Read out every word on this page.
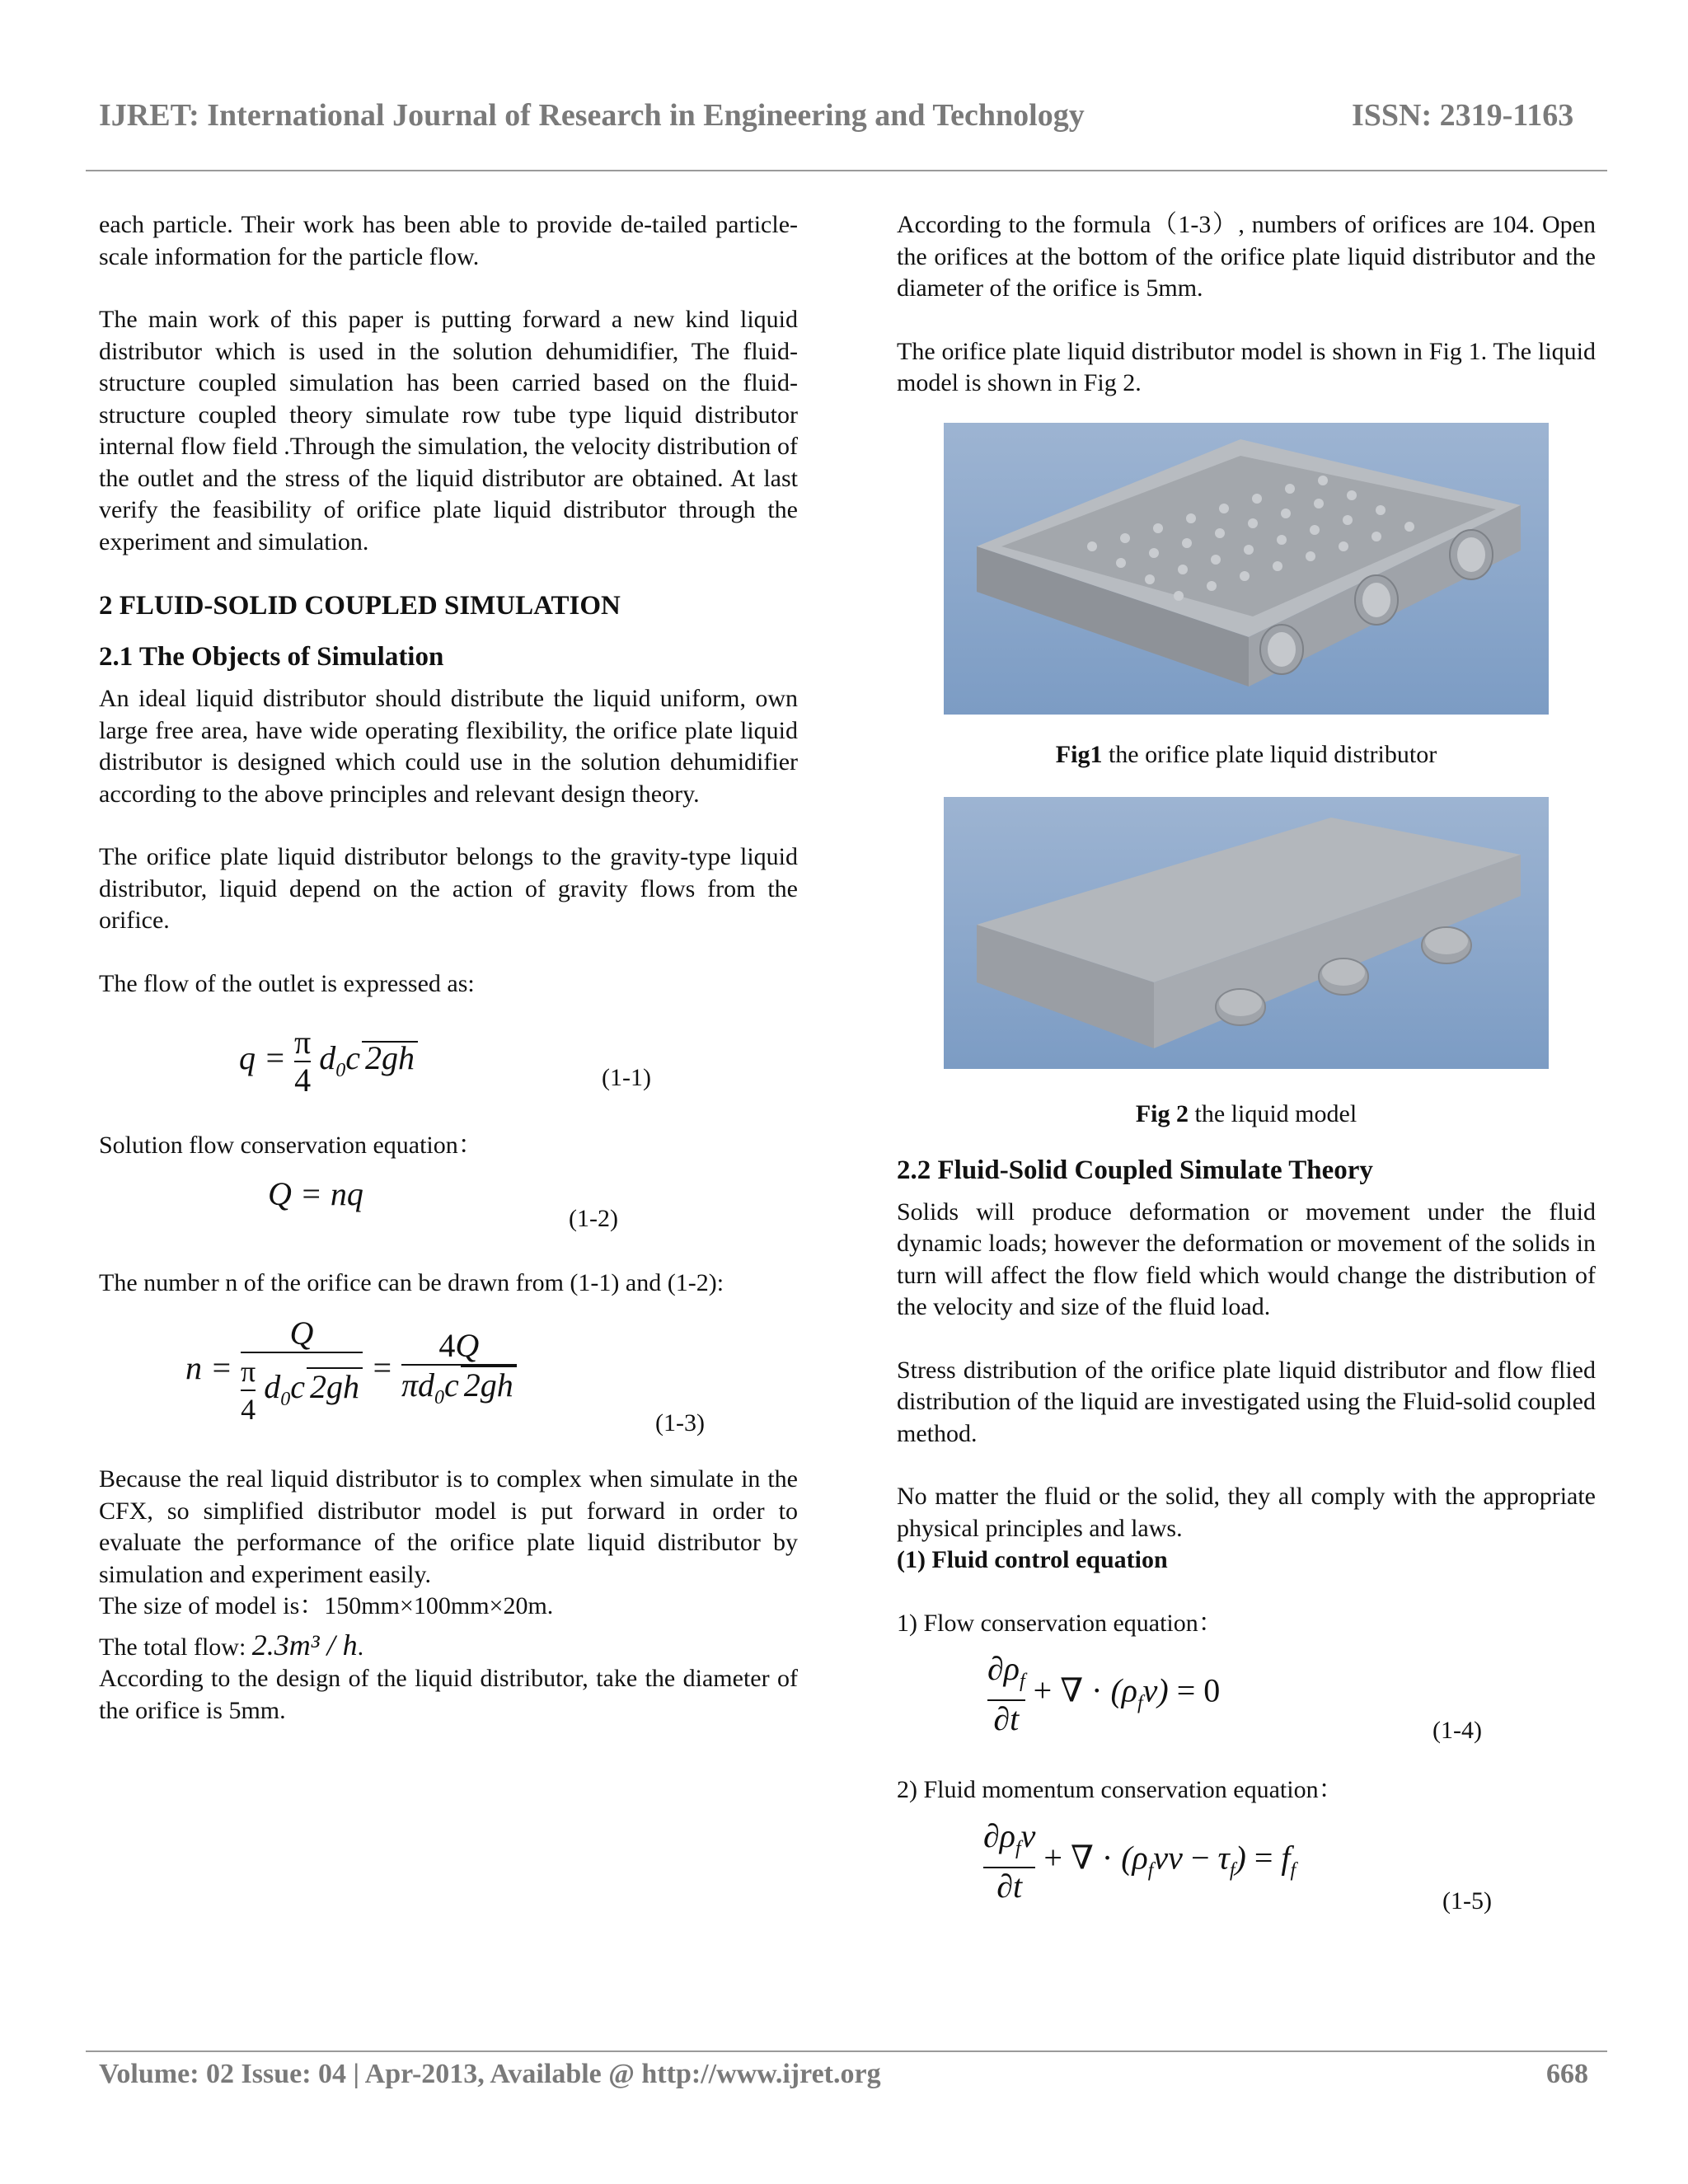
IJRET: International Journal of Research in Engineering and Technology	ISSN: 2319-1163

each particle. Their work has been able to provide de-tailed particle-scale information for the particle flow.

The main work of this paper is putting forward a new kind liquid distributor which is used in the solution dehumidifier, The fluid-structure coupled simulation has been carried based on the fluid-structure coupled theory simulate row tube type liquid distributor internal flow field .Through the simulation, the velocity distribution of the outlet and the stress of the liquid distributor are obtained. At last verify the feasibility of orifice plate liquid distributor through the experiment and simulation.

2 FLUID-SOLID COUPLED SIMULATION
2.1 The Objects of Simulation

An ideal liquid distributor should distribute the liquid uniform, own large free area, have wide operating flexibility, the orifice plate liquid distributor is designed which could use in the solution dehumidifier according to the above principles and relevant design theory.

The orifice plate liquid distributor belongs to the gravity-type liquid distributor, liquid depend on the action of gravity flows from the orifice.

The flow of the outlet is expressed as:

$q = \frac{\pi}{4} d_0c$ 2gh
(1-1)

Solution flow conservation equation：

Q = nq
(1-2)

The number n of the orifice can be drawn from (1-1) and (1-2):

$n = \frac{Q}{\frac{\pi}{4} d_0c 2gh} = \frac{4Q}{\pi d_0c 2gh}$
(1-3)

Because the real liquid distributor is to complex when simulate in the CFX, so simplified distributor model is put forward in order to evaluate the performance of the orifice plate liquid distributor by simulation and experiment easily.

The size of model is：150mm×100mm×20m.

The total flow: 2.3m³ / h.

According to the design of the liquid distributor, take the diameter of the orifice is 5mm.

According to the formula（1-3）, numbers of orifices are 104. Open the orifices at the bottom of the orifice plate liquid distributor and the diameter of the orifice is 5mm.

The orifice plate liquid distributor model is shown in Fig 1. The liquid model is shown in Fig 2.

Fig1 the orifice plate liquid distributor
Fig 2 the liquid model
2.2 Fluid-Solid Coupled Simulate Theory

Solids will produce deformation or movement under the fluid dynamic loads; however the deformation or movement of the solids in turn will affect the flow field which would change the distribution of the velocity and size of the fluid load.

Stress distribution of the orifice plate liquid distributor and flow flied distribution of the liquid are investigated using the Fluid-solid coupled method.

No matter the fluid or the solid, they all comply with the appropriate physical principles and laws.

(1) Fluid control equation

1) Flow conservation equation：

$\frac{\partial\rho_f}{\partial t}$ + ∇ · $(\rho_f\nu) = 0$
(1-4)

2) Fluid momentum conservation equation：

$\frac{\partial\rho_f\nu}{\partial t}$ + ∇ · $(\rho_f\nu\nu - \tau_f) = f_f$
(1-5)
Volume: 02 Issue: 04 | Apr-2013, Available @ http://www.ijret.org	668
